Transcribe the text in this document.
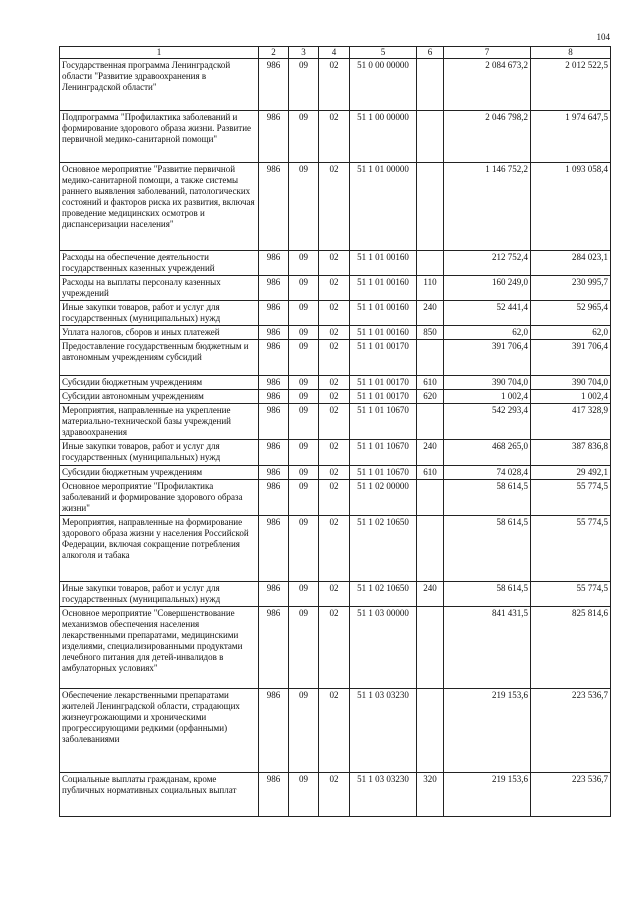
104
1	2	3	4	5	6	7	8
Государственная программа Ленинградской области "Развитие здравоохранения в Ленинградской области"	986	09	02	51 0 00 00000		2 084 673,2	2 012 522,5
Подпрограмма "Профилактика заболеваний и формирование здорового образа жизни. Развитие первичной медико-санитарной помощи"	986	09	02	51 1 00 00000		2 046 798,2	1 974 647,5
Основное мероприятие "Развитие первичной медико-санитарной помощи, а также системы раннего выявления заболеваний, патологических состояний и факторов риска их развития, включая проведение медицинских осмотров и диспансеризации населения"	986	09	02	51 1 01 00000		1 146 752,2	1 093 058,4
Расходы на обеспечение деятельности государственных казенных учреждений	986	09	02	51 1 01 00160		212 752,4	284 023,1
Расходы на выплаты персоналу казенных учреждений	986	09	02	51 1 01 00160	110	160 249,0	230 995,7
Иные закупки товаров, работ и услуг для государственных (муниципальных) нужд	986	09	02	51 1 01 00160	240	52 441,4	52 965,4
Уплата налогов, сборов и иных платежей	986	09	02	51 1 01 00160	850	62,0	62,0
Предоставление государственным бюджетным и автономным учреждениям субсидий	986	09	02	51 1 01 00170		391 706,4	391 706,4
Субсидии бюджетным учреждениям	986	09	02	51 1 01 00170	610	390 704,0	390 704,0
Субсидии автономным учреждениям	986	09	02	51 1 01 00170	620	1 002,4	1 002,4
Мероприятия, направленные на укрепление материально-технической базы учреждений здравоохранения	986	09	02	51 1 01 10670		542 293,4	417 328,9
Иные закупки товаров, работ и услуг для государственных (муниципальных) нужд	986	09	02	51 1 01 10670	240	468 265,0	387 836,8
Субсидии бюджетным учреждениям	986	09	02	51 1 01 10670	610	74 028,4	29 492,1
Основное мероприятие "Профилактика заболеваний и формирование здорового образа жизни"	986	09	02	51 1 02 00000		58 614,5	55 774,5
Мероприятия, направленные на формирование здорового образа жизни у населения Российской Федерации, включая сокращение потребления алкоголя и табака	986	09	02	51 1 02 10650		58 614,5	55 774,5
Иные закупки товаров, работ и услуг для государственных (муниципальных) нужд	986	09	02	51 1 02 10650	240	58 614,5	55 774,5
Основное мероприятие "Совершенствование механизмов обеспечения населения лекарственными препаратами, медицинскими изделиями, специализированными продуктами лечебного питания для детей-инвалидов в амбулаторных условиях"	986	09	02	51 1 03 00000		841 431,5	825 814,6
Обеспечение лекарственными препаратами жителей Ленинградской области, страдающих жизнеугрожающими и хроническими прогрессирующими редкими (орфанными) заболеваниями	986	09	02	51 1 03 03230		219 153,6	223 536,7
Социальные выплаты гражданам, кроме публичных нормативных социальных выплат	986	09	02	51 1 03 03230	320	219 153,6	223 536,7
